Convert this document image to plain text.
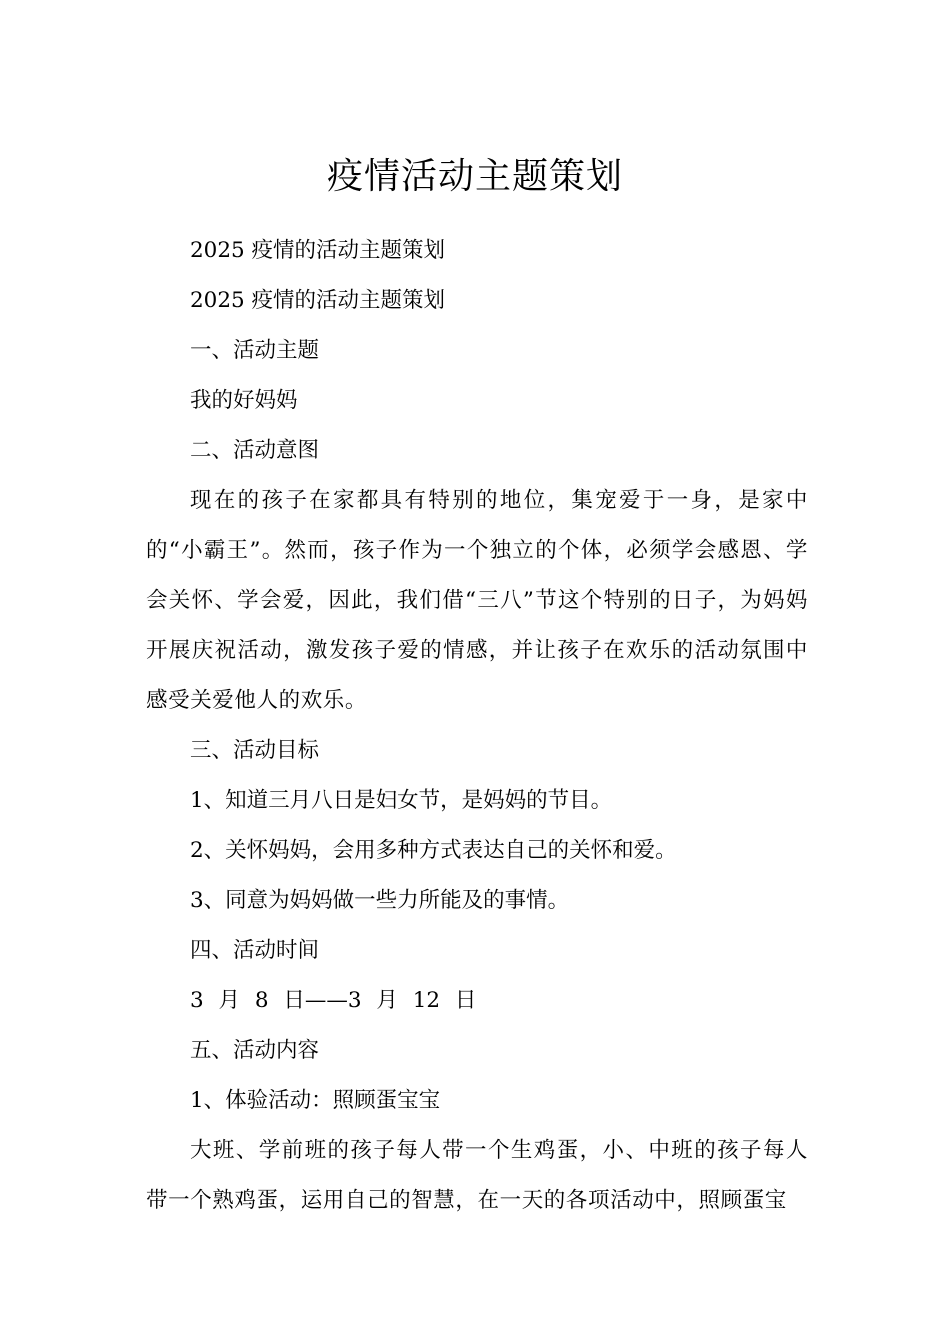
疫情活动主题策划

2025 疫情的活动主题策划

2025 疫情的活动主题策划

一、活动主题

我的好妈妈

二、活动意图

现在的孩子在家都具有特别的地位，集宠爱于一身，是家中的“小霸王”。然而，孩子作为一个独立的个体，必须学会感恩、学会关怀、学会爱，因此，我们借“三八”节这个特别的日子，为妈妈开展庆祝活动，激发孩子爱的情感，并让孩子在欢乐的活动氛围中感受关爱他人的欢乐。

三、活动目标

1、知道三月八日是妇女节，是妈妈的节目。

2、关怀妈妈，会用多种方式表达自己的关怀和爱。

3、同意为妈妈做一些力所能及的事情。

四、活动时间

3 月 8 日——3 月 12 日

五、活动内容

1、体验活动：照顾蛋宝宝

大班、学前班的孩子每人带一个生鸡蛋，小、中班的孩子每人带一个熟鸡蛋，运用自己的智慧，在一天的各项活动中，照顾蛋宝
